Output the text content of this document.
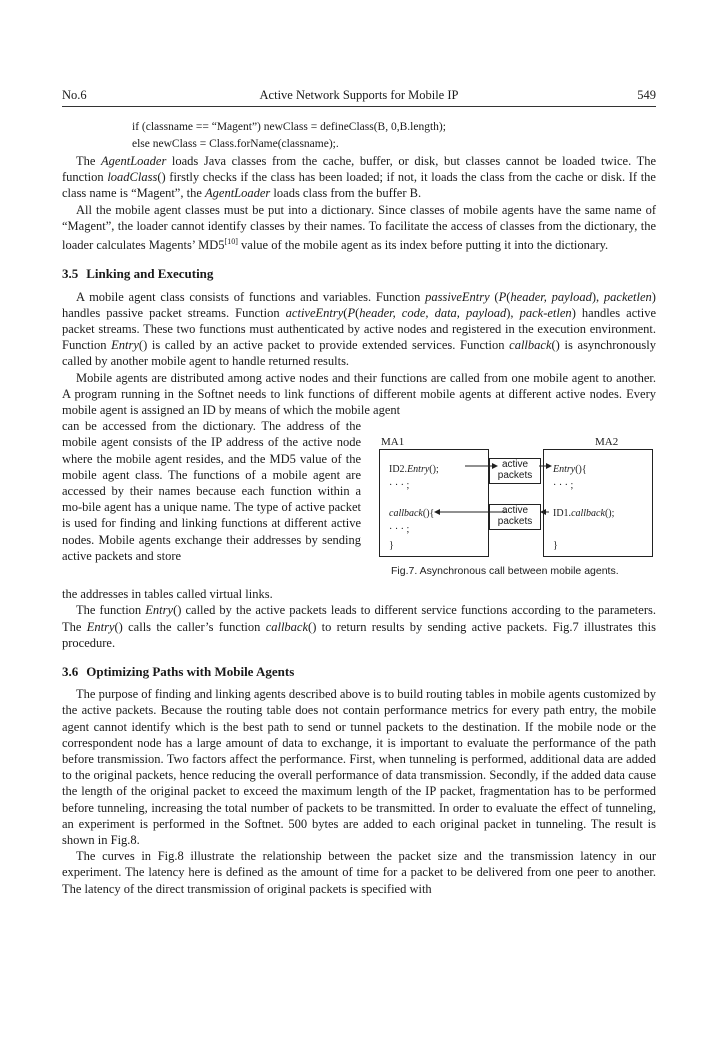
No.6	Active Network Supports for Mobile IP	549
if (classname == “Magent”) newClass = defineClass(B, 0,B.length);
else newClass = Class.forName(classname);.

The AgentLoader loads Java classes from the cache, buffer, or disk, but classes cannot be loaded twice. The function loadClass() firstly checks if the class has been loaded; if not, it loads the class from the cache or disk. If the class name is “Magent”, the AgentLoader loads class from the buffer B.

All the mobile agent classes must be put into a dictionary. Since classes of mobile agents have the same name of “Magent”, the loader cannot identify classes by their names. To facilitate the access of classes from the dictionary, the loader calculates Magents’ MD5[10] value of the mobile agent as its index before putting it into the dictionary.

3.5 Linking and Executing

A mobile agent class consists of functions and variables. Function passiveEntry (P(header, payload), packetlen) handles passive packet streams. Function activeEntry(P(header, code, data, payload), pack-etlen) handles active packet streams. These two functions must authenticated by active nodes and registered in the execution environment. Function Entry() is called by an active packet to provide extended services. Function callback() is asynchronously called by another mobile agent to handle returned results.

Mobile agents are distributed among active nodes and their functions are called from one mobile agent to another. A program running in the Softnet needs to link functions of different mobile agents at different active nodes. Every mobile agent is assigned an ID by means of which the mobile agent

can be accessed from the dictionary. The address of the mobile agent consists of the IP address of the active node where the mobile agent resides, and the MD5 value of the mobile agent class. The functions of a mobile agent are accessed by their names because each function within a mo-bile agent has a unique name. The type of active packet is used for finding and linking functions at different active nodes. Mobile agents exchange their addresses by sending active packets and store

MA1	MA2
ID2.Entry();
· · · ;
callback(){
· · · ;
}
Entry(){
· · · ;
ID1.callback();
}
active
packets
active
packets
Fig.7. Asynchronous call between mobile agents.

the addresses in tables called virtual links.

The function Entry() called by the active packets leads to different service functions according to the parameters. The Entry() calls the caller’s function callback() to return results by sending active packets. Fig.7 illustrates this procedure.

3.6 Optimizing Paths with Mobile Agents

The purpose of finding and linking agents described above is to build routing tables in mobile agents customized by the active packets. Because the routing table does not contain performance metrics for every path entry, the mobile agent cannot identify which is the best path to send or tunnel packets to the destination. If the mobile node or the correspondent node has a large amount of data to exchange, it is important to evaluate the performance of the path before transmission. Two factors affect the performance. First, when tunneling is performed, additional data are added to the original packets, hence reducing the overall performance of data transmission. Secondly, if the added data cause the length of the original packet to exceed the maximum length of the IP packet, fragmentation has to be performed before tunneling, increasing the total number of packets to be transmitted. In order to evaluate the effect of tunneling, an experiment is performed in the Softnet. 500 bytes are added to each original packet in tunneling. The result is shown in Fig.8.

The curves in Fig.8 illustrate the relationship between the packet size and the transmission latency in our experiment. The latency here is defined as the amount of time for a packet to be delivered from one peer to another. The latency of the direct transmission of original packets is specified with
